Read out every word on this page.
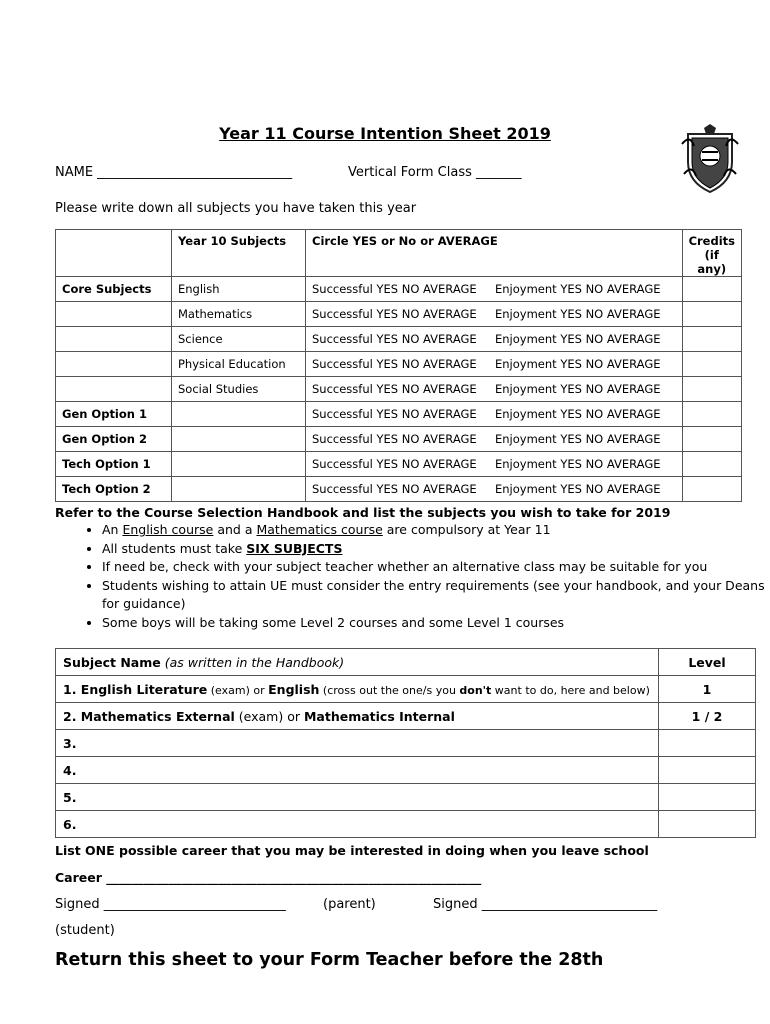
Year 11 Course Intention Sheet 2019
NAME ______________________________	Vertical Form Class _______
Please write down all subjects you have taken this year
	Year 10 Subjects	Circle YES or No or AVERAGE	Credits (if any)
Core Subjects	English	Successful YES NO AVERAGE Enjoyment YES NO AVERAGE	
	Mathematics	Successful YES NO AVERAGE Enjoyment YES NO AVERAGE	
	Science	Successful YES NO AVERAGE Enjoyment YES NO AVERAGE	
	Physical Education	Successful YES NO AVERAGE Enjoyment YES NO AVERAGE	
	Social Studies	Successful YES NO AVERAGE Enjoyment YES NO AVERAGE	
Gen Option 1		Successful YES NO AVERAGE Enjoyment YES NO AVERAGE	
Gen Option 2		Successful YES NO AVERAGE Enjoyment YES NO AVERAGE	
Tech Option 1		Successful YES NO AVERAGE Enjoyment YES NO AVERAGE	
Tech Option 2		Successful YES NO AVERAGE Enjoyment YES NO AVERAGE	
Refer to the Course Selection Handbook and list the subjects you wish to take for 2019
• An English course and a Mathematics course are compulsory at Year 11
• All students must take SIX SUBJECTS
• If need be, check with your subject teacher whether an alternative class may be suitable for you
• Students wishing to attain UE must consider the entry requirements (see your handbook, and your Deans for guidance)
• Some boys will be taking some Level 2 courses and some Level 1 courses
Subject Name (as written in the Handbook)	Level
1. English Literature (exam) or English (cross out the one/s you don't want to do, here and below)	1
2. Mathematics External (exam) or Mathematics Internal	1 / 2
3.	
4.	
5.	
6.	
List ONE possible career that you may be interested in doing when you leave school
Career ____________________________________________________________
Signed ____________________________	(parent)	Signed ___________________________
(student)
Return this sheet to your Form Teacher before the 28th
